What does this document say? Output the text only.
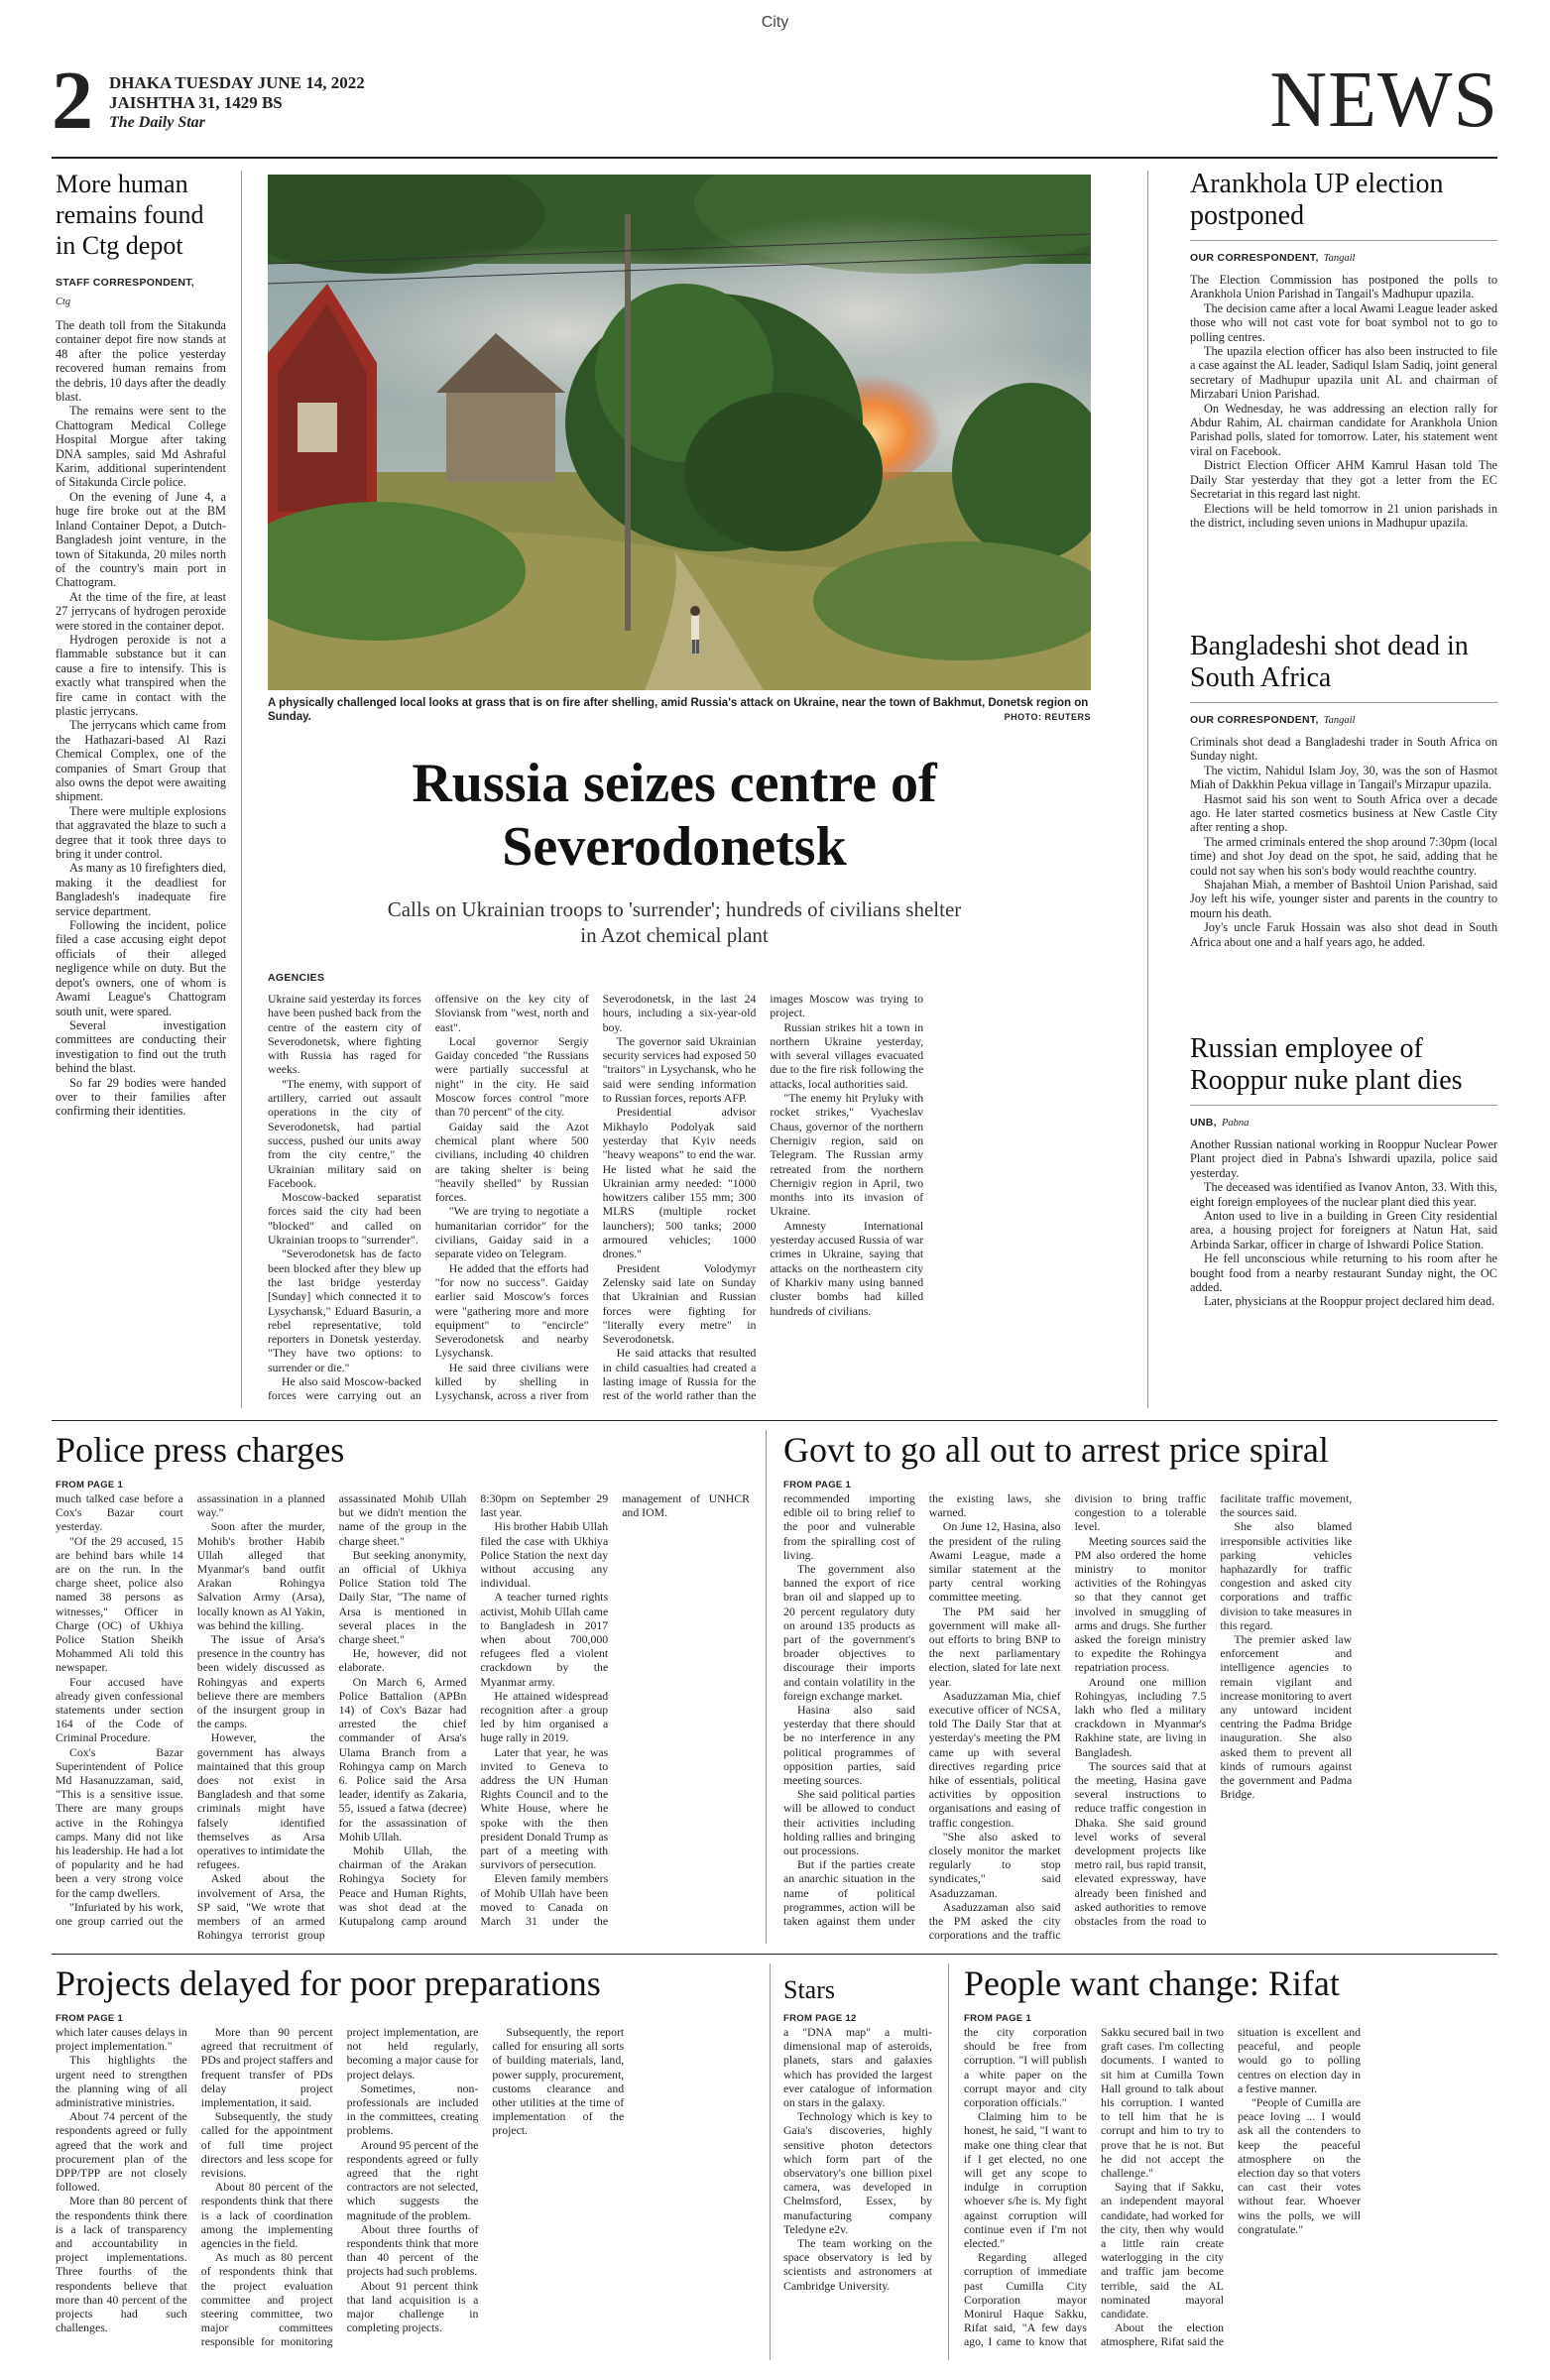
City
2 DHAKA TUESDAY JUNE 14, 2022
JAISHTHA 31, 1429 BS
The Daily Star	NEWS
More human remains found in Ctg depot
STAFF CORRESPONDENT,
Ctg

The death toll from the Sitakunda container depot fire now stands at 48 after the police yesterday recovered human remains from the debris, 10 days after the deadly blast.

The remains were sent to the Chattogram Medical College Hospital Morgue after taking DNA samples, said Md Ashraful Karim, additional superintendent of Sitakunda Circle police.

On the evening of June 4, a huge fire broke out at the BM Inland Container Depot, a Dutch-Bangladesh joint venture, in the town of Sitakunda, 20 miles north of the country's main port in Chattogram.

At the time of the fire, at least 27 jerrycans of hydrogen peroxide were stored in the container depot.

Hydrogen peroxide is not a flammable substance but it can cause a fire to intensify. This is exactly what transpired when the fire came in contact with the plastic jerrycans.

The jerrycans which came from the Hathazari-based Al Razi Chemical Complex, one of the companies of Smart Group that also owns the depot were awaiting shipment.

There were multiple explosions that aggravated the blaze to such a degree that it took three days to bring it under control.

As many as 10 firefighters died, making it the deadliest for Bangladesh's inadequate fire service department.

Following the incident, police filed a case accusing eight depot officials of their alleged negligence while on duty. But the depot's owners, one of whom is Awami League's Chattogram south unit, were spared.

Several investigation committees are conducting their investigation to find out the truth behind the blast.

So far 29 bodies were handed over to their families after confirming their identities.

A physically challenged local looks at grass that is on fire after shelling, amid Russia's attack on Ukraine, near the town of Bakhmut, Donetsk region on Sunday.	PHOTO: REUTERS
Russia seizes centre of Severodonetsk
Calls on Ukrainian troops to 'surrender'; hundreds of civilians shelter in Azot chemical plant
AGENCIES

Ukraine said yesterday its forces have been pushed back from the centre of the eastern city of Severodonetsk, where fighting with Russia has raged for weeks.

"The enemy, with support of artillery, carried out assault operations in the city of Severodonetsk, had partial success, pushed our units away from the city centre," the Ukrainian military said on Facebook.

Moscow-backed separatist forces said the city had been "blocked" and called on Ukrainian troops to "surrender".

"Severodonetsk has de facto been blocked after they blew up the last bridge yesterday [Sunday] which connected it to Lysychansk," Eduard Basurin, a rebel representative, told reporters in Donetsk yesterday. "They have two options: to surrender or die."

He also said Moscow-backed forces were carrying out an offensive on the key city of Sloviansk from "west, north and east".

Local governor Sergiy Gaiday conceded "the Russians were partially successful at night" in the city. He said Moscow forces control "more than 70 percent" of the city.

Gaiday said the Azot chemical plant where 500 civilians, including 40 children are taking shelter is being "heavily shelled" by Russian forces.

"We are trying to negotiate a humanitarian corridor" for the civilians, Gaiday said in a separate video on Telegram.

He added that the efforts had "for now no success". Gaiday earlier said Moscow's forces were "gathering more and more equipment" to "encircle" Severodonetsk and nearby Lysychansk.

He said three civilians were killed by shelling in Lysychansk, across a river from Severodonetsk, in the last 24 hours, including a six-year-old boy.

The governor said Ukrainian security services had exposed 50 "traitors" in Lysychansk, who he said were sending information to Russian forces, reports AFP.

Presidential advisor Mikhaylo Podolyak said yesterday that Kyiv needs "heavy weapons" to end the war. He listed what he said the Ukrainian army needed: "1000 howitzers caliber 155 mm; 300 MLRS (multiple rocket launchers); 500 tanks; 2000 armoured vehicles; 1000 drones."

President Volodymyr Zelensky said late on Sunday that Ukrainian and Russian forces were fighting for "literally every metre" in Severodonetsk.

He said attacks that resulted in child casualties had created a lasting image of Russia for the rest of the world rather than the images Moscow was trying to project.

Russian strikes hit a town in northern Ukraine yesterday, with several villages evacuated due to the fire risk following the attacks, local authorities said.

"The enemy hit Pryluky with rocket strikes," Vyacheslav Chaus, governor of the northern Chernigiv region, said on Telegram. The Russian army retreated from the northern Chernigiv region in April, two months into its invasion of Ukraine.

Amnesty International yesterday accused Russia of war crimes in Ukraine, saying that attacks on the northeastern city of Kharkiv many using banned cluster bombs had killed hundreds of civilians.

Arankhola UP election postponed
OUR CORRESPONDENT, Tangail

The Election Commission has postponed the polls to Arankhola Union Parishad in Tangail's Madhupur upazila.

The decision came after a local Awami League leader asked those who will not cast vote for boat symbol not to go to polling centres.

The upazila election officer has also been instructed to file a case against the AL leader, Sadiqul Islam Sadiq, joint general secretary of Madhupur upazila unit AL and chairman of Mirzabari Union Parishad.

On Wednesday, he was addressing an election rally for Abdur Rahim, AL chairman candidate for Arankhola Union Parishad polls, slated for tomorrow. Later, his statement went viral on Facebook.

District Election Officer AHM Kamrul Hasan told The Daily Star yesterday that they got a letter from the EC Secretariat in this regard last night.

Elections will be held tomorrow in 21 union parishads in the district, including seven unions in Madhupur upazila.

Bangladeshi shot dead in South Africa
OUR CORRESPONDENT, Tangail

Criminals shot dead a Bangladeshi trader in South Africa on Sunday night.

The victim, Nahidul Islam Joy, 30, was the son of Hasmot Miah of Dakkhin Pekua village in Tangail's Mirzapur upazila.

Hasmot said his son went to South Africa over a decade ago. He later started cosmetics business at New Castle City after renting a shop.

The armed criminals entered the shop around 7:30pm (local time) and shot Joy dead on the spot, he said, adding that he could not say when his son's body would reachthe country.

Shajahan Miah, a member of Bashtoil Union Parishad, said Joy left his wife, younger sister and parents in the country to mourn his death.

Joy's uncle Faruk Hossain was also shot dead in South Africa about one and a half years ago, he added.

Russian employee of Rooppur nuke plant dies
UNB, Pabna

Another Russian national working in Rooppur Nuclear Power Plant project died in Pabna's Ishwardi upazila, police said yesterday.

The deceased was identified as Ivanov Anton, 33. With this, eight foreign employees of the nuclear plant died this year.

Anton used to live in a building in Green City residential area, a housing project for foreigners at Natun Hat, said Arbinda Sarkar, officer in charge of Ishwardi Police Station.

He fell unconscious while returning to his room after he bought food from a nearby restaurant Sunday night, the OC added.

Later, physicians at the Rooppur project declared him dead.

Police press charges
FROM PAGE 1

much talked case before a Cox's Bazar court yesterday.

"Of the 29 accused, 15 are behind bars while 14 are on the run. In the charge sheet, police also named 38 persons as witnesses," Officer in Charge (OC) of Ukhiya Police Station Sheikh Mohammed Ali told this newspaper.

Four accused have already given confessional statements under section 164 of the Code of Criminal Procedure.

Cox's Bazar Superintendent of Police Md Hasanuzzaman, said, "This is a sensitive issue. There are many groups active in the Rohingya camps. Many did not like his leadership. He had a lot of popularity and he had been a very strong voice for the camp dwellers.

"Infuriated by his work, one group carried out the assassination in a planned way."

Soon after the murder, Mohib's brother Habib Ullah alleged that Myanmar's band outfit Arakan Rohingya Salvation Army (Arsa), locally known as Al Yakin, was behind the killing.

The issue of Arsa's presence in the country has been widely discussed as Rohingyas and experts believe there are members of the insurgent group in the camps.

However, the government has always maintained that this group does not exist in Bangladesh and that some criminals might have falsely identified themselves as Arsa operatives to intimidate the refugees.

Asked about the involvement of Arsa, the SP said, "We wrote that members of an armed Rohingya terrorist group assassinated Mohib Ullah but we didn't mention the name of the group in the charge sheet."

But seeking anonymity, an official of Ukhiya Police Station told The Daily Star, "The name of Arsa is mentioned in several places in the charge sheet."

He, however, did not elaborate.

On March 6, Armed Police Battalion (APBn 14) of Cox's Bazar had arrested the chief commander of Arsa's Ulama Branch from a Rohingya camp on March 6. Police said the Arsa leader, identify as Zakaria, 55, issued a fatwa (decree) for the assassination of Mohib Ullah.

Mohib Ullah, the chairman of the Arakan Rohingya Society for Peace and Human Rights, was shot dead at the Kutupalong camp around 8:30pm on September 29 last year.

His brother Habib Ullah filed the case with Ukhiya Police Station the next day without accusing any individual.

A teacher turned rights activist, Mohib Ullah came to Bangladesh in 2017 when about 700,000 refugees fled a violent crackdown by the Myanmar army.

He attained widespread recognition after a group led by him organised a huge rally in 2019.

Later that year, he was invited to Geneva to address the UN Human Rights Council and to the White House, where he spoke with the then president Donald Trump as part of a meeting with survivors of persecution.

Eleven family members of Mohib Ullah have been moved to Canada on March 31 under the management of UNHCR and IOM.

Govt to go all out to arrest price spiral
FROM PAGE 1

recommended importing edible oil to bring relief to the poor and vulnerable from the spiralling cost of living.

The government also banned the export of rice bran oil and slapped up to 20 percent regulatory duty on around 135 products as part of the government's broader objectives to discourage their imports and contain volatility in the foreign exchange market.

Hasina also said yesterday that there should be no interference in any political programmes of opposition parties, said meeting sources.

She said political parties will be allowed to conduct their activities including holding rallies and bringing out processions.

But if the parties create an anarchic situation in the name of political programmes, action will be taken against them under the existing laws, she warned.

On June 12, Hasina, also the president of the ruling Awami League, made a similar statement at the party central working committee meeting.

The PM said her government will make all-out efforts to bring BNP to the next parliamentary election, slated for late next year.

Asaduzzaman Mia, chief executive officer of NCSA, told The Daily Star that at yesterday's meeting the PM came up with several directives regarding price hike of essentials, political activities by opposition organisations and easing of traffic congestion.

"She also asked to closely monitor the market regularly to stop syndicates," said Asaduzzaman.

Asaduzzaman also said the PM asked the city corporations and the traffic division to bring traffic congestion to a tolerable level.

Meeting sources said the PM also ordered the home ministry to monitor activities of the Rohingyas so that they cannot get involved in smuggling of arms and drugs. She further asked the foreign ministry to expedite the Rohingya repatriation process.

Around one million Rohingyas, including 7.5 lakh who fled a military crackdown in Myanmar's Rakhine state, are living in Bangladesh.

The sources said that at the meeting, Hasina gave several instructions to reduce traffic congestion in Dhaka. She said ground level works of several development projects like metro rail, bus rapid transit, elevated expressway, have already been finished and asked authorities to remove obstacles from the road to facilitate traffic movement, the sources said.

She also blamed irresponsible activities like parking vehicles haphazardly for traffic congestion and asked city corporations and traffic division to take measures in this regard.

The premier asked law enforcement and intelligence agencies to remain vigilant and increase monitoring to avert any untoward incident centring the Padma Bridge inauguration. She also asked them to prevent all kinds of rumours against the government and Padma Bridge.

Projects delayed for poor preparations
FROM PAGE 1

which later causes delays in project implementation."

This highlights the urgent need to strengthen the planning wing of all administrative ministries.

About 74 percent of the respondents agreed or fully agreed that the work and procurement plan of the DPP/TPP are not closely followed.

More than 80 percent of the respondents think there is a lack of transparency and accountability in project implementations. Three fourths of the respondents believe that more than 40 percent of the projects had such challenges.

More than 90 percent agreed that recruitment of PDs and project staffers and frequent transfer of PDs delay project implementation, it said.

Subsequently, the study called for the appointment of full time project directors and less scope for revisions.

About 80 percent of the respondents think that there is a lack of coordination among the implementing agencies in the field.

As much as 80 percent of respondents think that the project evaluation committee and project steering committee, two major committees responsible for monitoring project implementation, are not held regularly, becoming a major cause for project delays.

Sometimes, non-professionals are included in the committees, creating problems.

Around 95 percent of the respondents agreed or fully agreed that the right contractors are not selected, which suggests the magnitude of the problem.

About three fourths of respondents think that more than 40 percent of the projects had such problems.

About 91 percent think that land acquisition is a major challenge in completing projects.

Subsequently, the report called for ensuring all sorts of building materials, land, power supply, procurement, customs clearance and other utilities at the time of implementation of the project.

Stars
FROM PAGE 12

a "DNA map" a multi-dimensional map of asteroids, planets, stars and galaxies which has provided the largest ever catalogue of information on stars in the galaxy.

Technology which is key to Gaia's discoveries, highly sensitive photon detectors which form part of the observatory's one billion pixel camera, was developed in Chelmsford, Essex, by manufacturing company Teledyne e2v.

The team working on the space observatory is led by scientists and astronomers at Cambridge University.

People want change: Rifat
FROM PAGE 1

the city corporation should be free from corruption. "I will publish a white paper on the corrupt mayor and city corporation officials."

Claiming him to be honest, he said, "I want to make one thing clear that if I get elected, no one will get any scope to indulge in corruption whoever s/he is. My fight against corruption will continue even if I'm not elected."

Regarding alleged corruption of immediate past Cumilla City Corporation mayor Monirul Haque Sakku, Rifat said, "A few days ago, I came to know that Sakku secured bail in two graft cases. I'm collecting documents. I wanted to sit him at Cumilla Town Hall ground to talk about his corruption. I wanted to tell him that he is corrupt and him to try to prove that he is not. But he did not accept the challenge."

Saying that if Sakku, an independent mayoral candidate, had worked for the city, then why would a little rain create waterlogging in the city and traffic jam become terrible, said the AL nominated mayoral candidate.

About the election atmosphere, Rifat said the situation is excellent and peaceful, and people would go to polling centres on election day in a festive manner.

"People of Cumilla are peace loving ... I would ask all the contenders to keep the peaceful atmosphere on the election day so that voters can cast their votes without fear. Whoever wins the polls, we will congratulate."
